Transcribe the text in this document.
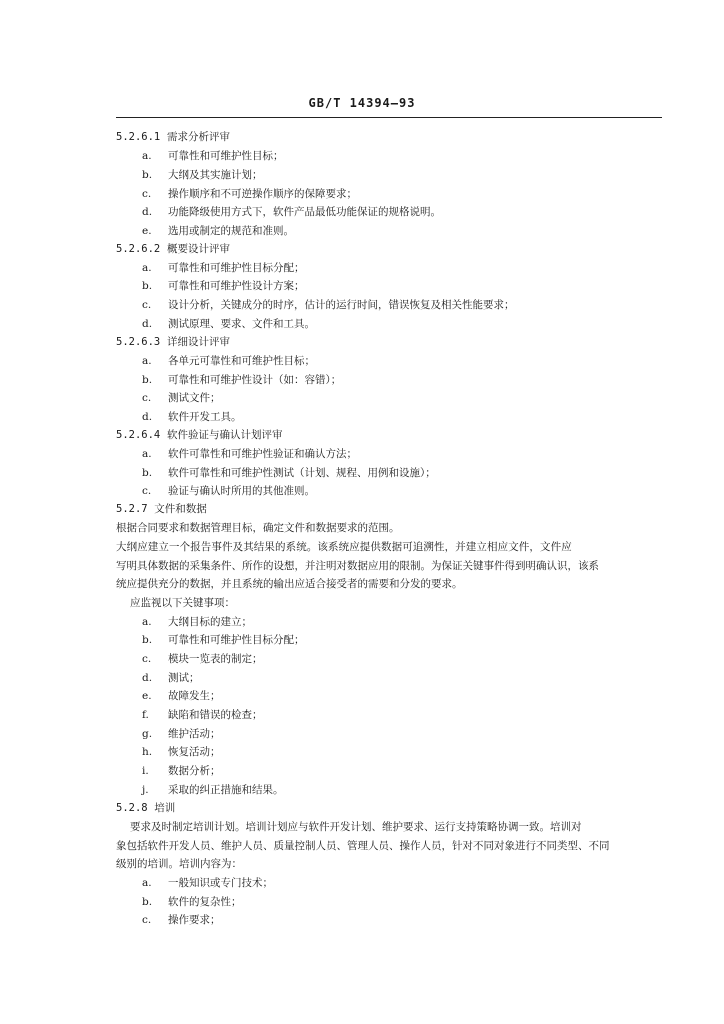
GB/T 14394—93
5.2.6.1 需求分析评审
a. 可靠性和可维护性目标；
b. 大纲及其实施计划；
c. 操作顺序和不可逆操作顺序的保障要求；
d. 功能降级使用方式下，软件产品最低功能保证的规格说明。
e. 选用或制定的规范和准则。
5.2.6.2 概要设计评审
a. 可靠性和可维护性目标分配；
b. 可靠性和可维护性设计方案；
c. 设计分析，关键成分的时序，估计的运行时间，错误恢复及相关性能要求；
d. 测试原理、要求、文件和工具。
5.2.6.3 详细设计评审
a. 各单元可靠性和可维护性目标；
b. 可靠性和可维护性设计（如：容错）；
c. 测试文件；
d. 软件开发工具。
5.2.6.4 软件验证与确认计划评审
a. 软件可靠性和可维护性验证和确认方法；
b. 软件可靠性和可维护性测试（计划、规程、用例和设施）；
c. 验证与确认时所用的其他准则。
5.2.7 文件和数据
根据合同要求和数据管理目标，确定文件和数据要求的范围。
大纲应建立一个报告事件及其结果的系统。该系统应提供数据可追溯性，并建立相应文件，文件应
写明具体数据的采集条件、所作的设想，并注明对数据应用的限制。为保证关键事件得到明确认识，该系
统应提供充分的数据，并且系统的输出应适合接受者的需要和分发的要求。
应监视以下关键事项：
a. 大纲目标的建立；
b. 可靠性和可维护性目标分配；
c. 模块一览表的制定；
d. 测试；
e. 故障发生；
f. 缺陷和错误的检查；
g. 维护活动；
h. 恢复活动；
i. 数据分析；
j. 采取的纠正措施和结果。
5.2.8 培训
要求及时制定培训计划。培训计划应与软件开发计划、维护要求、运行支持策略协调一致。培训对
象包括软件开发人员、维护人员、质量控制人员、管理人员、操作人员，针对不同对象进行不同类型、不同
级别的培训。培训内容为：
a. 一般知识或专门技术；
b. 软件的复杂性；
c. 操作要求；
